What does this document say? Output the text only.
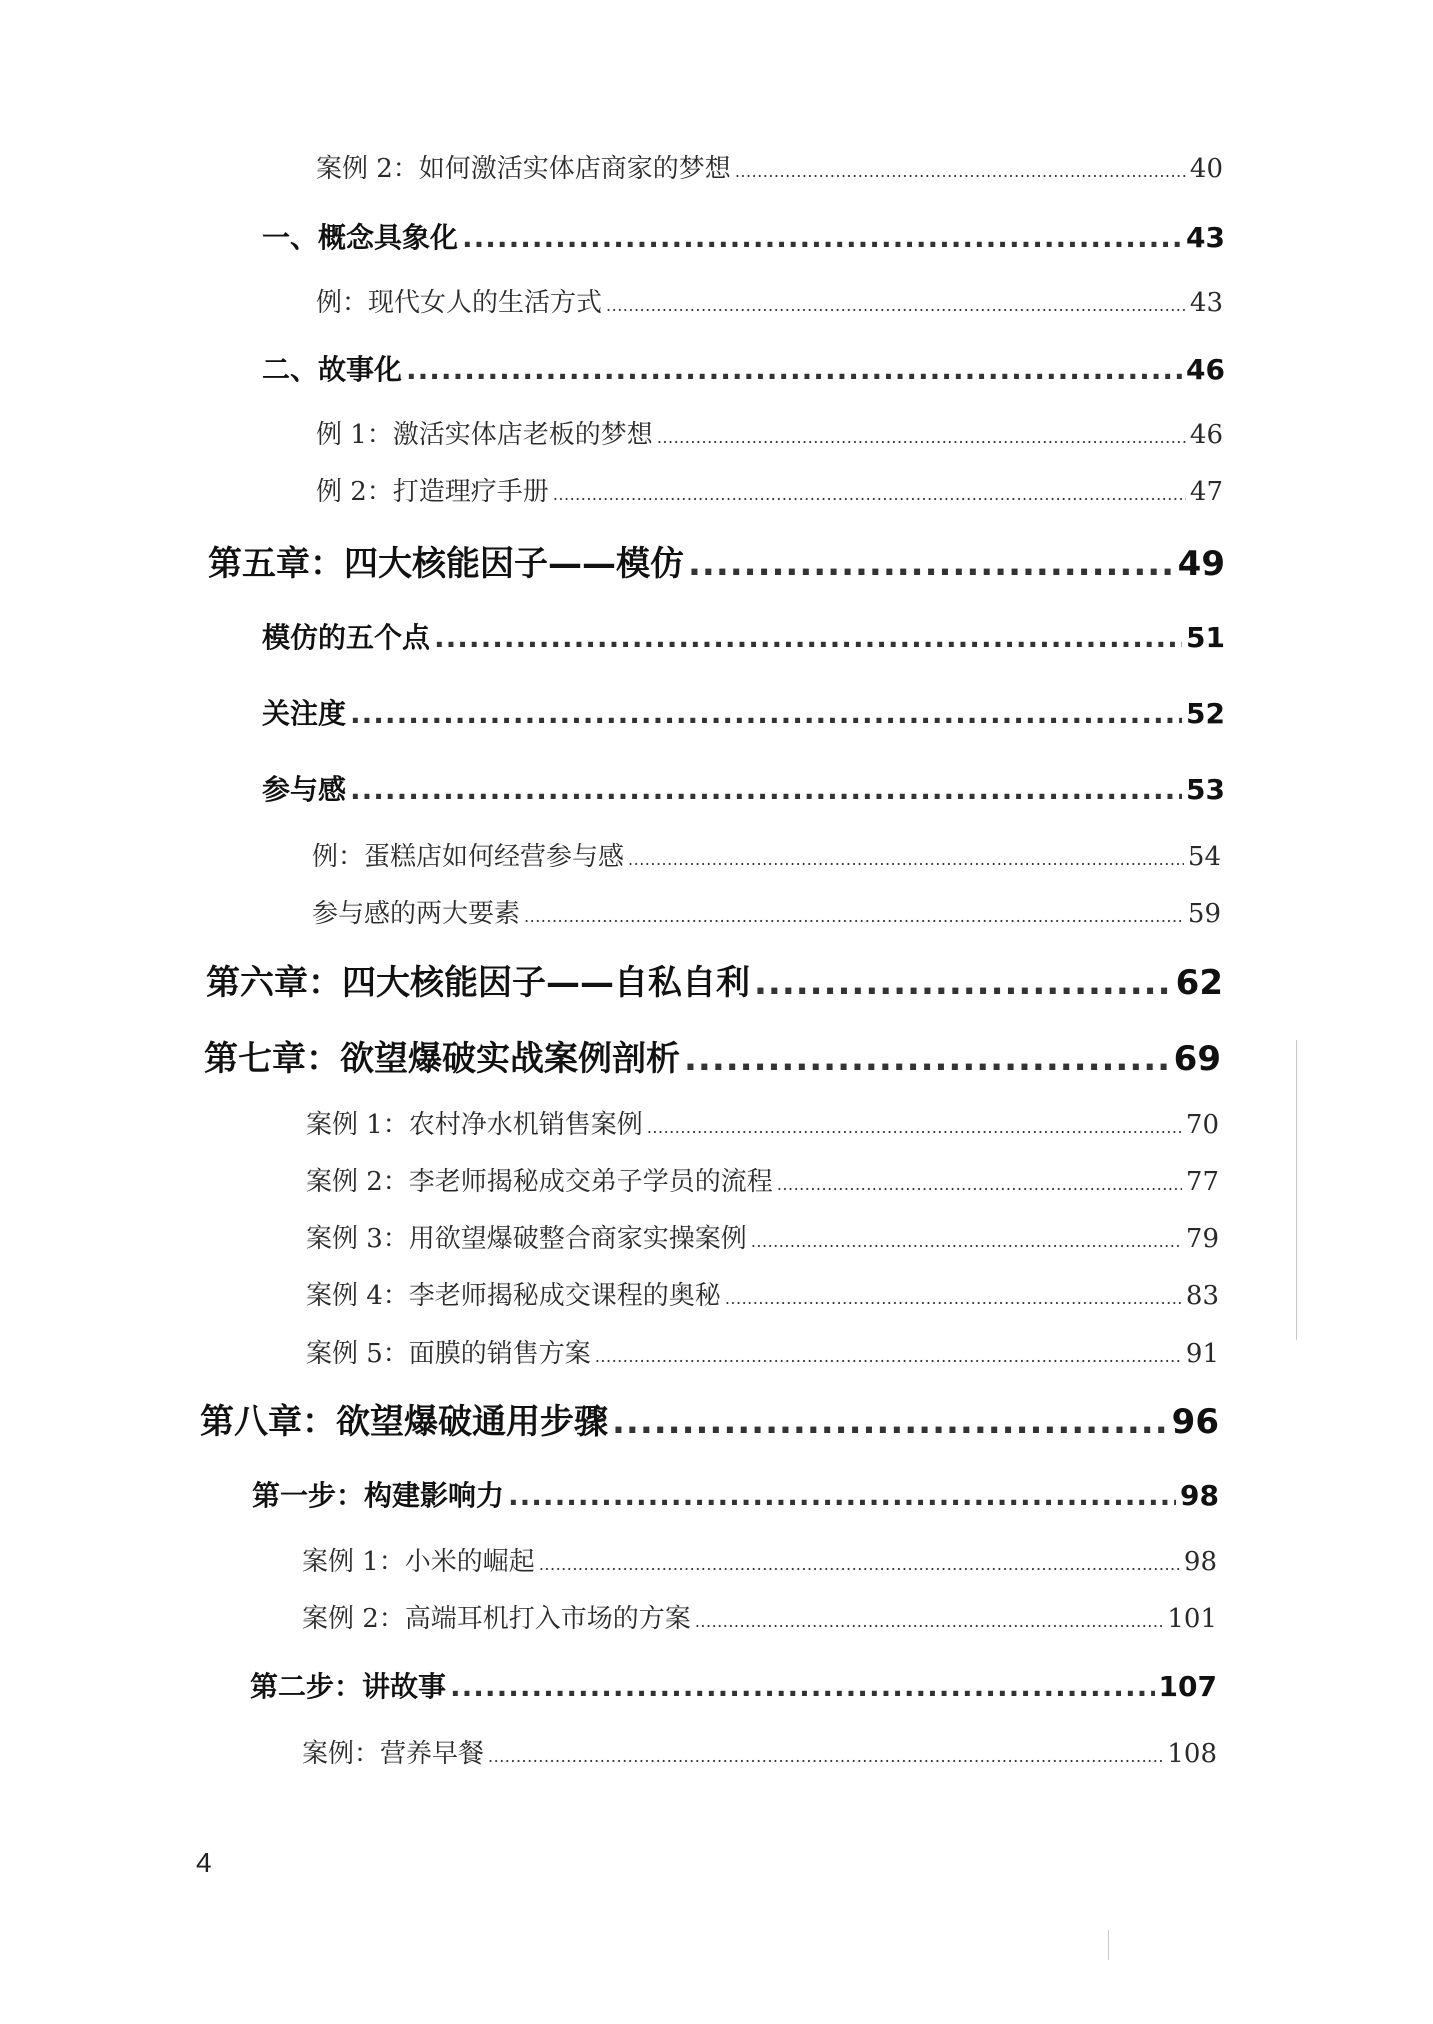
案例 2：如何激活实体店商家的梦想 .....	40
一、概念具象化 .....	43
例：现代女人的生活方式 .....	43
二、故事化 .....	46
例 1：激活实体店老板的梦想 .....	46
例 2：打造理疗手册 .....	47
第五章：四大核能因子——模仿 .....	49
模仿的五个点 .....	51
关注度 .....	52
参与感 .....	53
例：蛋糕店如何经营参与感 .....	54
参与感的两大要素 .....	59
第六章：四大核能因子——自私自利 .....	62
第七章：欲望爆破实战案例剖析 .....	69
案例 1：农村净水机销售案例 .....	70
案例 2：李老师揭秘成交弟子学员的流程 .....	77
案例 3：用欲望爆破整合商家实操案例 .....	79
案例 4：李老师揭秘成交课程的奥秘 .....	83
案例 5：面膜的销售方案 .....	91
第八章：欲望爆破通用步骤 .....	96
第一步：构建影响力 .....	98
案例 1：小米的崛起 .....	98
案例 2：高端耳机打入市场的方案 .....	101
第二步：讲故事 .....	107
案例：营养早餐 .....	108
4
